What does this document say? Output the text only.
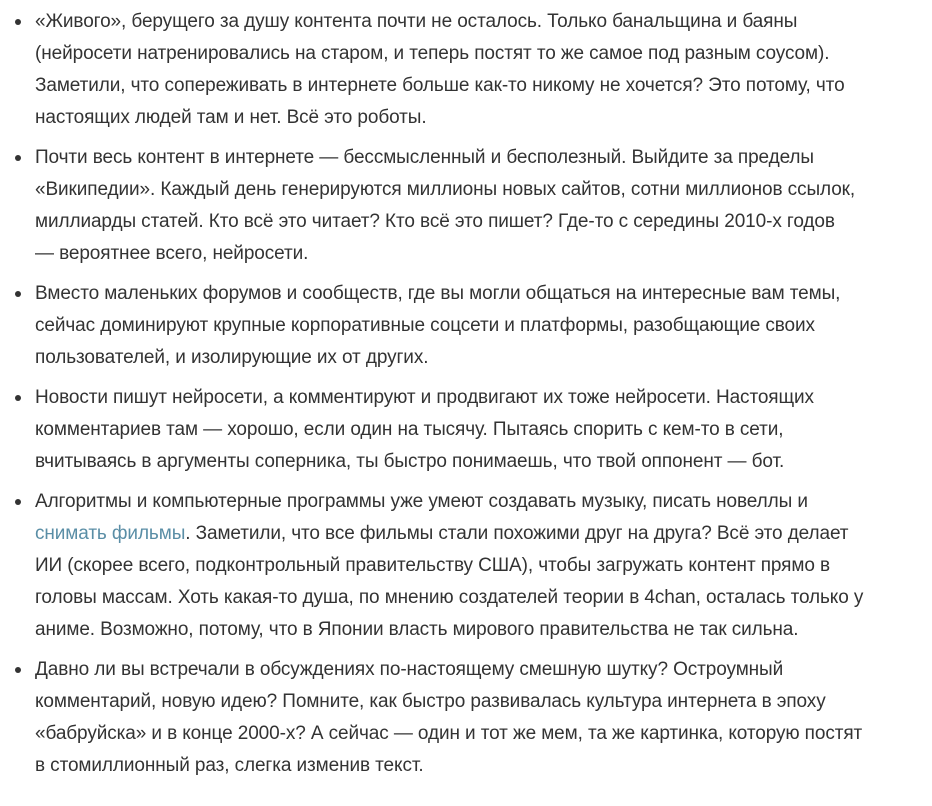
«Живого», берущего за душу контента почти не осталось. Только банальщина и баяны
(нейросети натренировались на старом, и теперь постят то же самое под разным соусом).
Заметили, что сопереживать в интернете больше как-то никому не хочется? Это потому, что
настоящих людей там и нет. Всё это роботы.
Почти весь контент в интернете — бессмысленный и бесполезный. Выйдите за пределы
«Википедии». Каждый день генерируются миллионы новых сайтов, сотни миллионов ссылок,
миллиарды статей. Кто всё это читает? Кто всё это пишет? Где-то с середины 2010-х годов
— вероятнее всего, нейросети.
Вместо маленьких форумов и сообществ, где вы могли общаться на интересные вам темы,
сейчас доминируют крупные корпоративные соцсети и платформы, разобщающие своих
пользователей, и изолирующие их от других.
Новости пишут нейросети, а комментируют и продвигают их тоже нейросети. Настоящих
комментариев там — хорошо, если один на тысячу. Пытаясь спорить с кем-то в сети,
вчитываясь в аргументы соперника, ты быстро понимаешь, что твой оппонент — бот.
Алгоритмы и компьютерные программы уже умеют создавать музыку, писать новеллы и
снимать фильмы. Заметили, что все фильмы стали похожими друг на друга? Всё это делает
ИИ (скорее всего, подконтрольный правительству США), чтобы загружать контент прямо в
головы массам. Хоть какая-то душа, по мнению создателей теории в 4chan, осталась только у
аниме. Возможно, потому, что в Японии власть мирового правительства не так сильна.
Давно ли вы встречали в обсуждениях по-настоящему смешную шутку? Остроумный
комментарий, новую идею? Помните, как быстро развивалась культура интернета в эпоху
«бабруйска» и в конце 2000-х? А сейчас — один и тот же мем, та же картинка, которую постят
в стомиллионный раз, слегка изменив текст.
